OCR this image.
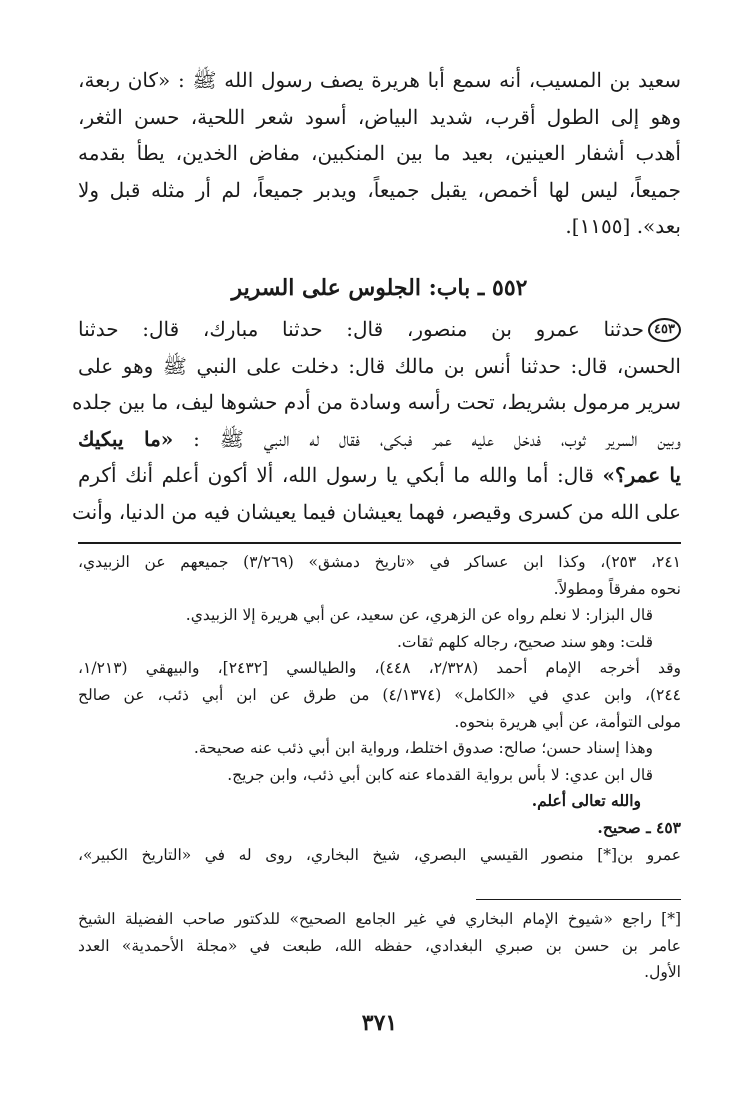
سعيد بن المسيب، أنه سمع أبا هريرة يصف رسول الله ﷺ : «كان ربعة،
وهو إلى الطول أقرب، شديد البياض، أسود شعر اللحية، حسن الثغر،
أهدب أشفار العينين، بعيد ما بين المنكبين، مفاض الخدين، يطأ بقدمه
جميعاً، ليس لها أخمص، يقبل جميعاً، ويدبر جميعاً، لم أر مثله قبل ولا
بعد». [١١٥٥].
٥٥٢ ـ باب: الجلوس على السرير
٤٥٣حدثنا عمرو بن منصور، قال: حدثنا مبارك، قال: حدثنا
الحسن، قال: حدثنا أنس بن مالك قال: دخلت على النبي ﷺ وهو على
سرير مرمول بشريط، تحت رأسه وسادة من أدم حشوها ليف، ما بين جلده
وبين السرير ثوب، فدخل عليه عمر فبكى، فقال له النبي ﷺ : «ما يبكيك
يا عمر؟» قال: أما والله ما أبكي يا رسول الله، ألا أكون أعلم أنك أكرم
على الله من كسرى وقيصر، فهما يعيشان فيما يعيشان فيه من الدنيا، وأنت
٢٤١، ٢٥٣)، وكذا ابن عساكر في «تاريخ دمشق» (٣/٢٦٩) جميعهم عن الزبيدي،
نحوه مفرقاً ومطولاً.
قال البزار: لا نعلم رواه عن الزهري، عن سعيد، عن أبي هريرة إلا الزبيدي.
قلت: وهو سند صحيح، رجاله كلهم ثقات.
وقد أخرجه الإمام أحمد (٢/٣٢٨، ٤٤٨)، والطيالسي [٢٤٣٢]، والبيهقي (١/٢١٣،
٢٤٤)، وابن عدي في «الكامل» (٤/١٣٧٤) من طرق عن ابن أبي ذئب، عن صالح
مولى التوأمة، عن أبي هريرة بنحوه.
وهذا إسناد حسن؛ صالح: صدوق اختلط، ورواية ابن أبي ذئب عنه صحيحة.
قال ابن عدي: لا بأس برواية القدماء عنه كابن أبي ذئب، وابن جريج.
والله تعالى أعلم.
٤٥٣ ـ صحيح.
عمرو بن[*] منصور القيسي البصري، شيخ البخاري، روى له في «التاريخ الكبير»،
[*] راجع «شيوخ الإمام البخاري في غير الجامع الصحيح» للدكتور صاحب الفضيلة الشيخ
عامر بن حسن بن صبري البغدادي، حفظه الله، طبعت في «مجلة الأحمدية» العدد
الأول.
٣٧١
